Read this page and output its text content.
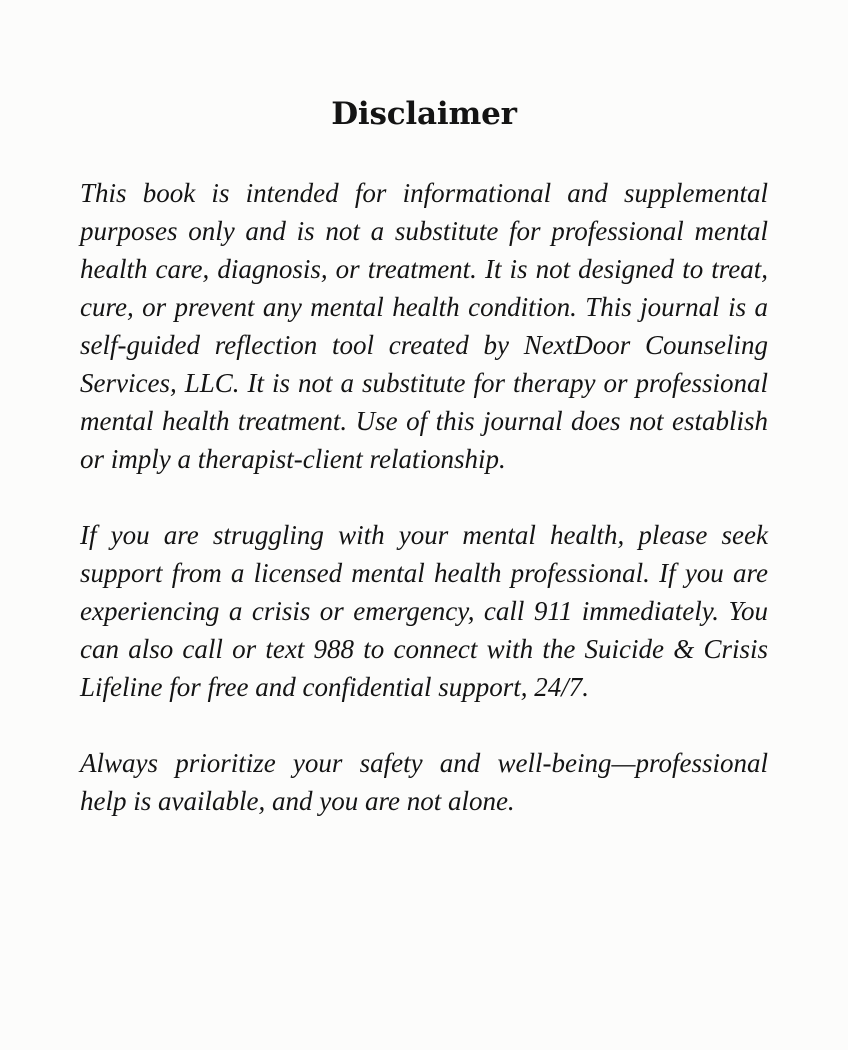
Disclaimer

This book is intended for informational and supplemental purposes only and is not a substitute for professional mental health care, diagnosis, or treatment. It is not designed to treat, cure, or prevent any mental health condition. This journal is a self-guided reflection tool created by NextDoor Counseling Services, LLC. It is not a substitute for therapy or professional mental health treatment. Use of this journal does not establish or imply a therapist-client relationship.

If you are struggling with your mental health, please seek support from a licensed mental health professional. If you are experiencing a crisis or emergency, call 911 immediately. You can also call or text 988 to connect with the Suicide & Crisis Lifeline for free and confidential support, 24/7.

Always prioritize your safety and well-being—professional help is available, and you are not alone.
